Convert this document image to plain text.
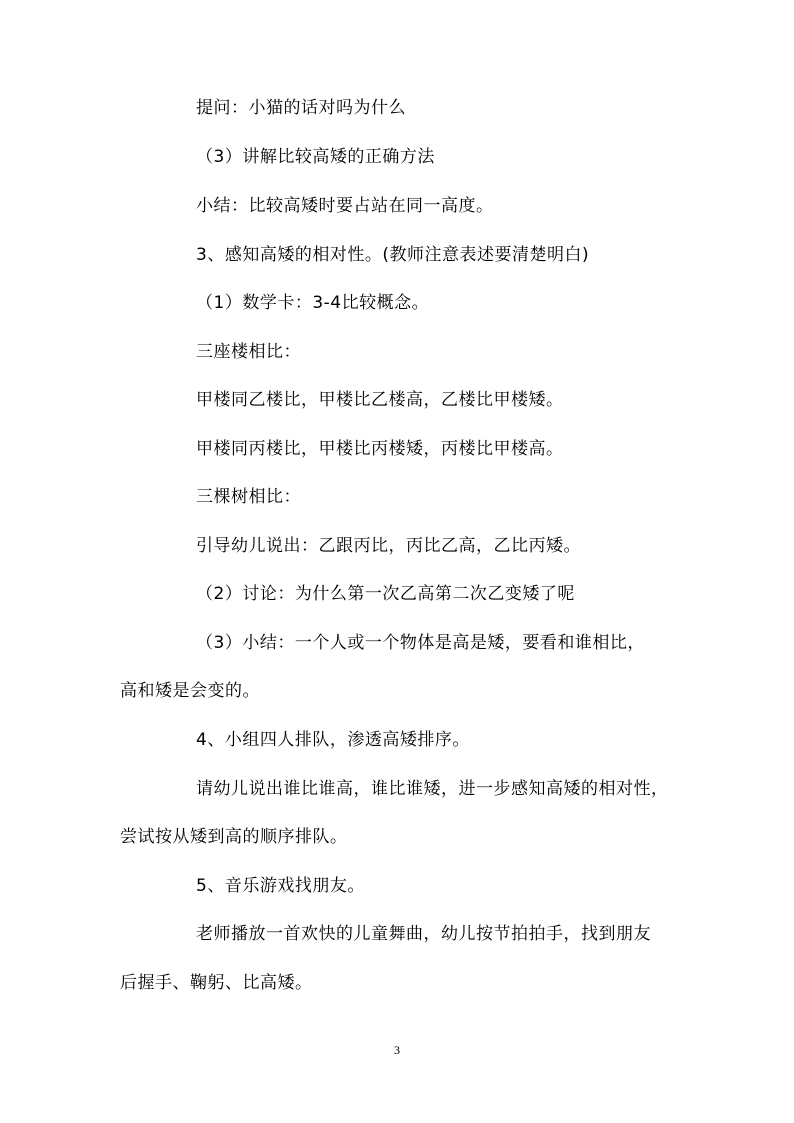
提问：小猫的话对吗为什么
（3）讲解比较高矮的正确方法
小结：比较高矮时要占站在同一高度。
3、感知高矮的相对性。(教师注意表述要清楚明白)
（1）数学卡：3-4比较概念。
三座楼相比：
甲楼同乙楼比，甲楼比乙楼高，乙楼比甲楼矮。
甲楼同丙楼比，甲楼比丙楼矮，丙楼比甲楼高。
三棵树相比：
引导幼儿说出：乙跟丙比，丙比乙高，乙比丙矮。
（2）讨论：为什么第一次乙高第二次乙变矮了呢
（3）小结：一个人或一个物体是高是矮，要看和谁相比，
高和矮是会变的。
4、小组四人排队，渗透高矮排序。
请幼儿说出谁比谁高，谁比谁矮，进一步感知高矮的相对性，
尝试按从矮到高的顺序排队。
5、音乐游戏找朋友。
老师播放一首欢快的儿童舞曲，幼儿按节拍拍手，找到朋友
后握手、鞠躬、比高矮。
3
